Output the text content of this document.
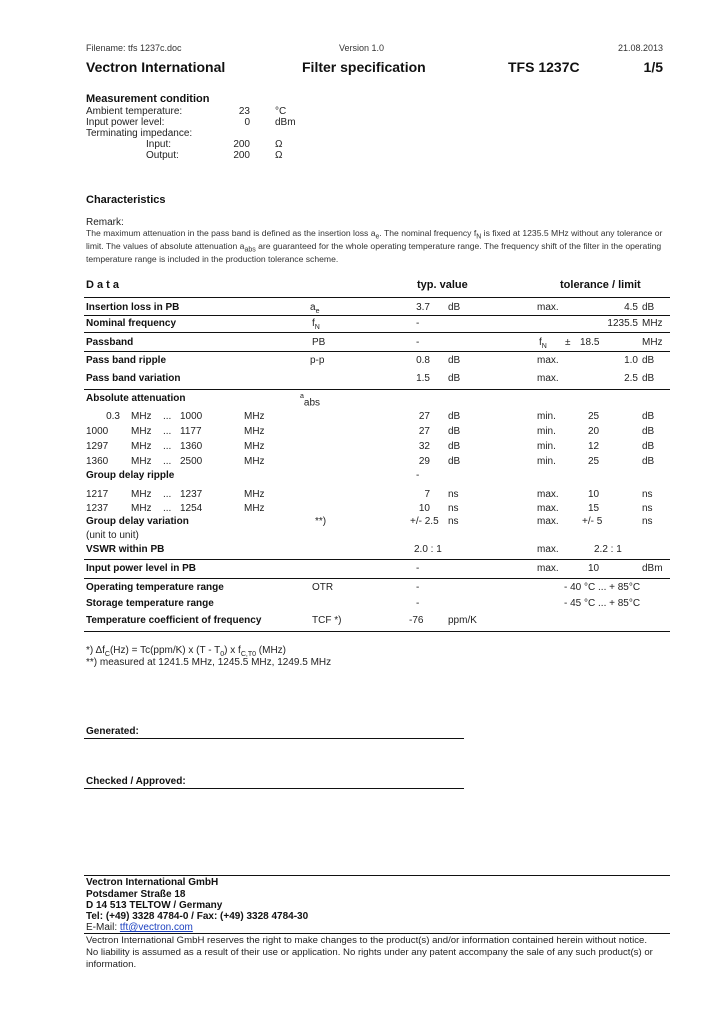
Filename: tfs 1237c.doc	Version 1.0	21.08.2013
Vectron International	Filter specification	TFS 1237C	1/5
Measurement condition
Ambient temperature:	23	°C
Input power level:	0	dBm
Terminating impedance:
Input:	200	Ω
Output:	200	Ω
Characteristics
Remark:
The maximum attenuation in the pass band is defined as the insertion loss $a_e$. The nominal frequency $f_N$ is fixed at 1235.5 MHz without any tolerance or
limit. The values of absolute attenuation $a_{abs}$ are guaranteed for the whole operating temperature range. The frequency shift of the filter in the operating
temperature range is included in the production tolerance scheme.
D a t a	typ. value	tolerance / limit
Insertion loss in PB	$a_e$	3.7 dB	max.	4.5 dB
Nominal frequency	$f_N$	-	1235.5 MHz
Passband	PB	-	$f_N \pm 18.5$	MHz
Pass band ripple	p-p	0.8 dB	max.	1.0 dB
Pass band variation	1.5 dB	max.	2.5 dB
Absolute attenuation	$^a_{abs}$
0.3 MHz ... 1000	MHz	27 dB	min.	25	dB
1000 MHz ... 1177	MHz	27 dB	min.	20	dB
1297 MHz ... 1360	MHz	32 dB	min.	12	dB
1360 MHz ... 2500	MHz	29 dB	min.	25	dB
Group delay ripple	-
1217 MHz ... 1237	MHz	7 ns	max.	10	ns
1237 MHz ... 1254	MHz	10 ns	max.	15	ns
Group delay variation	**)	+/- 2.5 ns	max. +/- 5	ns
(unit to unit)
VSWR within PB	2.0 : 1	max.	2.2 : 1
Input power level in PB	-	max.	10	dBm
Operating temperature range	OTR	-	- 40 °C ... + 85°C
Storage temperature range	-	- 45 °C ... + 85°C
Temperature coefficient of frequency	TCF *)	-76 ppm/K
*) $\Delta f_C(Hz) = Tc(ppm/K)$ x $(T - T_0)$ x $f_{C,T0}$ (MHz)
**) measured at 1241.5 MHz, 1245.5 MHz, 1249.5 MHz
Generated:
Checked / Approved:
Vectron International GmbH
Potsdamer Straße 18
D 14 513 TELTOW / Germany
Tel: (+49) 3328 4784-0 / Fax: (+49) 3328 4784-30
E-Mail: tft@vectron.com
Vectron International GmbH reserves the right to make changes to the product(s) and/or information contained herein without notice.
No liability is assumed as a result of their use or application. No rights under any patent accompany the sale of any such product(s) or
information.
